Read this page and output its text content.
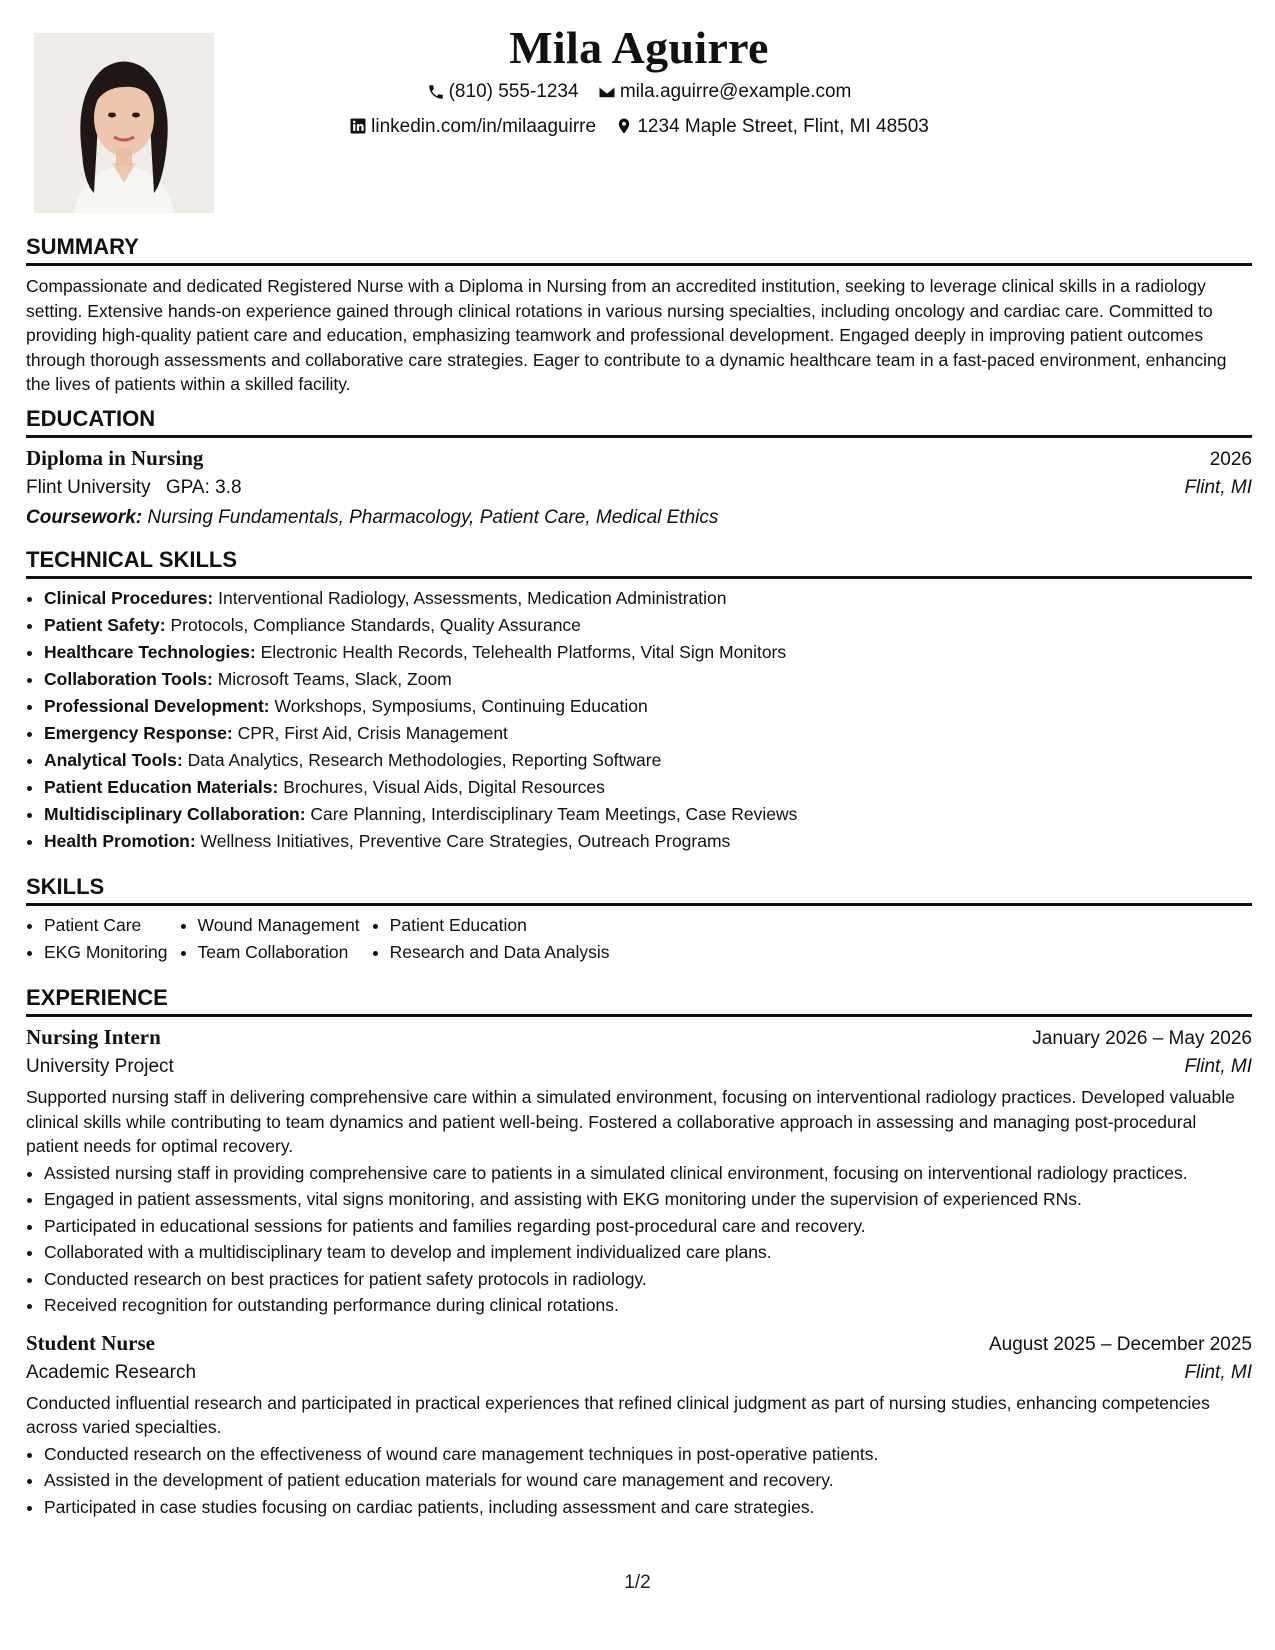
Mila Aguirre
(810) 555-1234
mila.aguirre@example.com
linkedin.com/in/milaaguirre
1234 Maple Street, Flint, MI 48503
SUMMARY

Compassionate and dedicated Registered Nurse with a Diploma in Nursing from an accredited institution, seeking to leverage clinical skills in a radiology setting. Extensive hands-on experience gained through clinical rotations in various nursing specialties, including oncology and cardiac care. Committed to providing high-quality patient care and education, emphasizing teamwork and professional development. Engaged deeply in improving patient outcomes through thorough assessments and collaborative care strategies. Eager to contribute to a dynamic healthcare team in a fast-paced environment, enhancing the lives of patients within a skilled facility.

EDUCATION
Diploma in Nursing	2026
Flint University GPA: 3.8	Flint, MI
Coursework: Nursing Fundamentals, Pharmacology, Patient Care, Medical Ethics
TECHNICAL SKILLS
• Clinical Procedures: Interventional Radiology, Assessments, Medication Administration
• Patient Safety: Protocols, Compliance Standards, Quality Assurance
• Healthcare Technologies: Electronic Health Records, Telehealth Platforms, Vital Sign Monitors
• Collaboration Tools: Microsoft Teams, Slack, Zoom
• Professional Development: Workshops, Symposiums, Continuing Education
• Emergency Response: CPR, First Aid, Crisis Management
• Analytical Tools: Data Analytics, Research Methodologies, Reporting Software
• Patient Education Materials: Brochures, Visual Aids, Digital Resources
• Multidisciplinary Collaboration: Care Planning, Interdisciplinary Team Meetings, Case Reviews
• Health Promotion: Wellness Initiatives, Preventive Care Strategies, Outreach Programs
SKILLS
• Patient Care
• EKG Monitoring
• Wound Management
• Team Collaboration
• Patient Education
• Research and Data Analysis
EXPERIENCE
Nursing Intern	January 2026 – May 2026
University Project	Flint, MI

Supported nursing staff in delivering comprehensive care within a simulated environment, focusing on interventional radiology practices. Developed valuable clinical skills while contributing to team dynamics and patient well-being. Fostered a collaborative approach in assessing and managing post-procedural patient needs for optimal recovery.

• Assisted nursing staff in providing comprehensive care to patients in a simulated clinical environment, focusing on interventional radiology practices.
• Engaged in patient assessments, vital signs monitoring, and assisting with EKG monitoring under the supervision of experienced RNs.
• Participated in educational sessions for patients and families regarding post-procedural care and recovery.
• Collaborated with a multidisciplinary team to develop and implement individualized care plans.
• Conducted research on best practices for patient safety protocols in radiology.
• Received recognition for outstanding performance during clinical rotations.
Student Nurse	August 2025 – December 2025
Academic Research	Flint, MI

Conducted influential research and participated in practical experiences that refined clinical judgment as part of nursing studies, enhancing competencies across varied specialties.

• Conducted research on the effectiveness of wound care management techniques in post-operative patients.
• Assisted in the development of patient education materials for wound care management and recovery.
• Participated in case studies focusing on cardiac patients, including assessment and care strategies.
1/2
